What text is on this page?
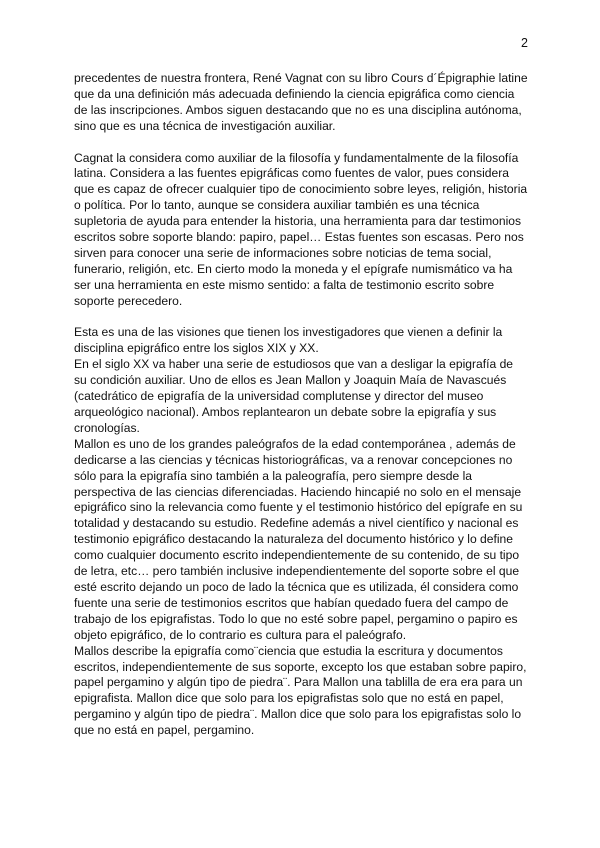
2

precedentes de nuestra frontera, René Vagnat con su libro Cours d´Épigraphie latine
que da una definición más adecuada definiendo la ciencia epigráfica como ciencia
de las inscripciones. Ambos siguen destacando que no es una disciplina autónoma,
sino que es una técnica de investigación auxiliar.

Cagnat la considera como auxiliar de la filosofía y fundamentalmente de la filosofía
latina. Considera a las fuentes epigráficas como fuentes de valor, pues considera
que es capaz de ofrecer cualquier tipo de conocimiento sobre leyes, religión, historia
o política. Por lo tanto, aunque se considera auxiliar también es una técnica
supletoria de ayuda para entender la historia, una herramienta para dar testimonios
escritos sobre soporte blando: papiro, papel… Estas fuentes son escasas. Pero nos
sirven para conocer una serie de informaciones sobre noticias de tema social,
funerario, religión, etc. En cierto modo la moneda y el epígrafe numismático va ha
ser una herramienta en este mismo sentido: a falta de testimonio escrito sobre
soporte perecedero.

Esta es una de las visiones que tienen los investigadores que vienen a definir la
disciplina epigráfico entre los siglos XIX y XX.
En el siglo XX va haber una serie de estudiosos que van a desligar la epigrafía de
su condición auxiliar. Uno de ellos es Jean Mallon y Joaquin Maía de Navascués
(catedrático de epigrafía de la universidad complutense y director del museo
arqueológico nacional). Ambos replantearon un debate sobre la epigrafía y sus
cronologías.
Mallon es uno de los grandes paleógrafos de la edad contemporánea , además de
dedicarse a las ciencias y técnicas historiográficas, va a renovar concepciones no
sólo para la epigrafía sino también a la paleografía, pero siempre desde la
perspectiva de las ciencias diferenciadas. Haciendo hincapié no solo en el mensaje
epigráfico sino la relevancia como fuente y el testimonio histórico del epígrafe en su
totalidad y destacando su estudio. Redefine además a nivel científico y nacional es
testimonio epigráfico destacando la naturaleza del documento histórico y lo define
como cualquier documento escrito independientemente de su contenido, de su tipo
de letra, etc… pero también inclusive independientemente del soporte sobre el que
esté escrito dejando un poco de lado la técnica que es utilizada, él considera como
fuente una serie de testimonios escritos que habían quedado fuera del campo de
trabajo de los epigrafistas. Todo lo que no esté sobre papel, pergamino o papiro es
objeto epigráfico, de lo contrario es cultura para el paleógrafo.
Mallos describe la epigrafía como¨ciencia que estudia la escritura y documentos
escritos, independientemente de sus soporte, excepto los que estaban sobre papiro,
papel pergamino y algún tipo de piedra¨. Para Mallon una tablilla de era era para un
epigrafista. Mallon dice que solo para los epigrafistas solo que no está en papel,
pergamino y algún tipo de piedra¨. Mallon dice que solo para los epigrafistas solo lo
que no está en papel, pergamino.
